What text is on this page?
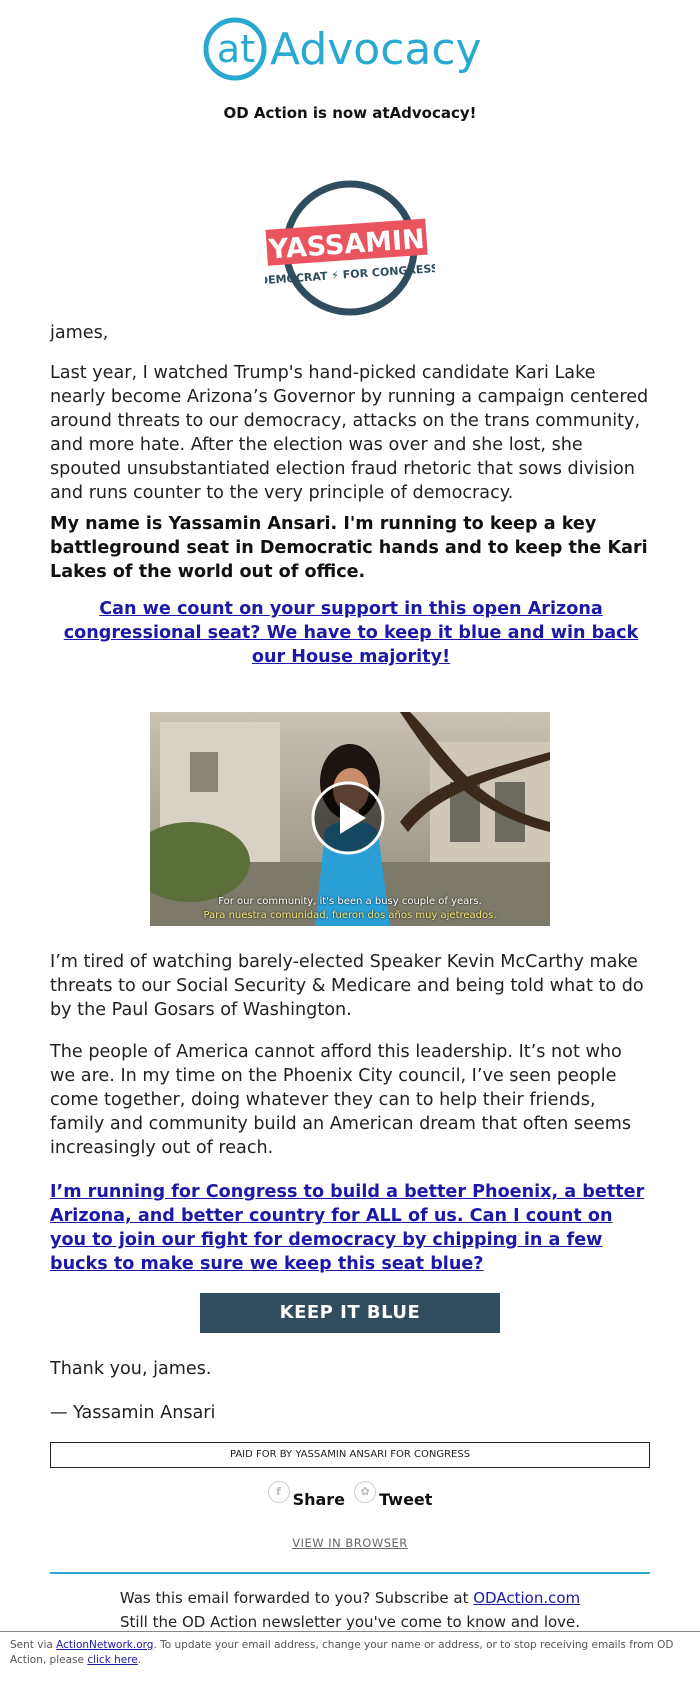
at Advocacy
OD Action is now atAdvocacy!
YASSAMIN
DEMOCRAT ⚡ FOR CONGRESS

james,

Last year, I watched Trump's hand-picked candidate Kari Lake nearly become Arizona’s Governor by running a campaign centered around threats to our democracy, attacks on the trans community, and more hate. After the election was over and she lost, she spouted unsubstantiated election fraud rhetoric that sows division and runs counter to the very principle of democracy.

My name is Yassamin Ansari. I'm running to keep a key battleground seat in Democratic hands and to keep the Kari Lakes of the world out of office.

Can we count on your support in this open Arizona congressional seat? We have to keep it blue and win back our House majority!

For our community, it's been a busy couple of years.
Para nuestra comunidad, fueron dos años muy ajetreados.

I’m tired of watching barely-elected Speaker Kevin McCarthy make threats to our Social Security & Medicare and being told what to do by the Paul Gosars of Washington.

The people of America cannot afford this leadership. It’s not who we are. In my time on the Phoenix City council, I’ve seen people come together, doing whatever they can to help their friends, family and community build an American dream that often seems increasingly out of reach.

I’m running for Congress to build a better Phoenix, a better Arizona, and better country for ALL of us. Can I count on you to join our fight for democracy by chipping in a few bucks to make sure we keep this seat blue?

KEEP IT BLUE

Thank you, james.

— Yassamin Ansari

PAID FOR BY YASSAMIN ANSARI FOR CONGRESS
f Share
	✿ Tweet
VIEW IN BROWSER
Was this email forwarded to you? Subscribe at ODAction.com
Still the OD Action newsletter you've come to know and love.
Sent via ActionNetwork.org. To update your email address, change your name or address, or to stop receiving emails from OD Action, please click here.
